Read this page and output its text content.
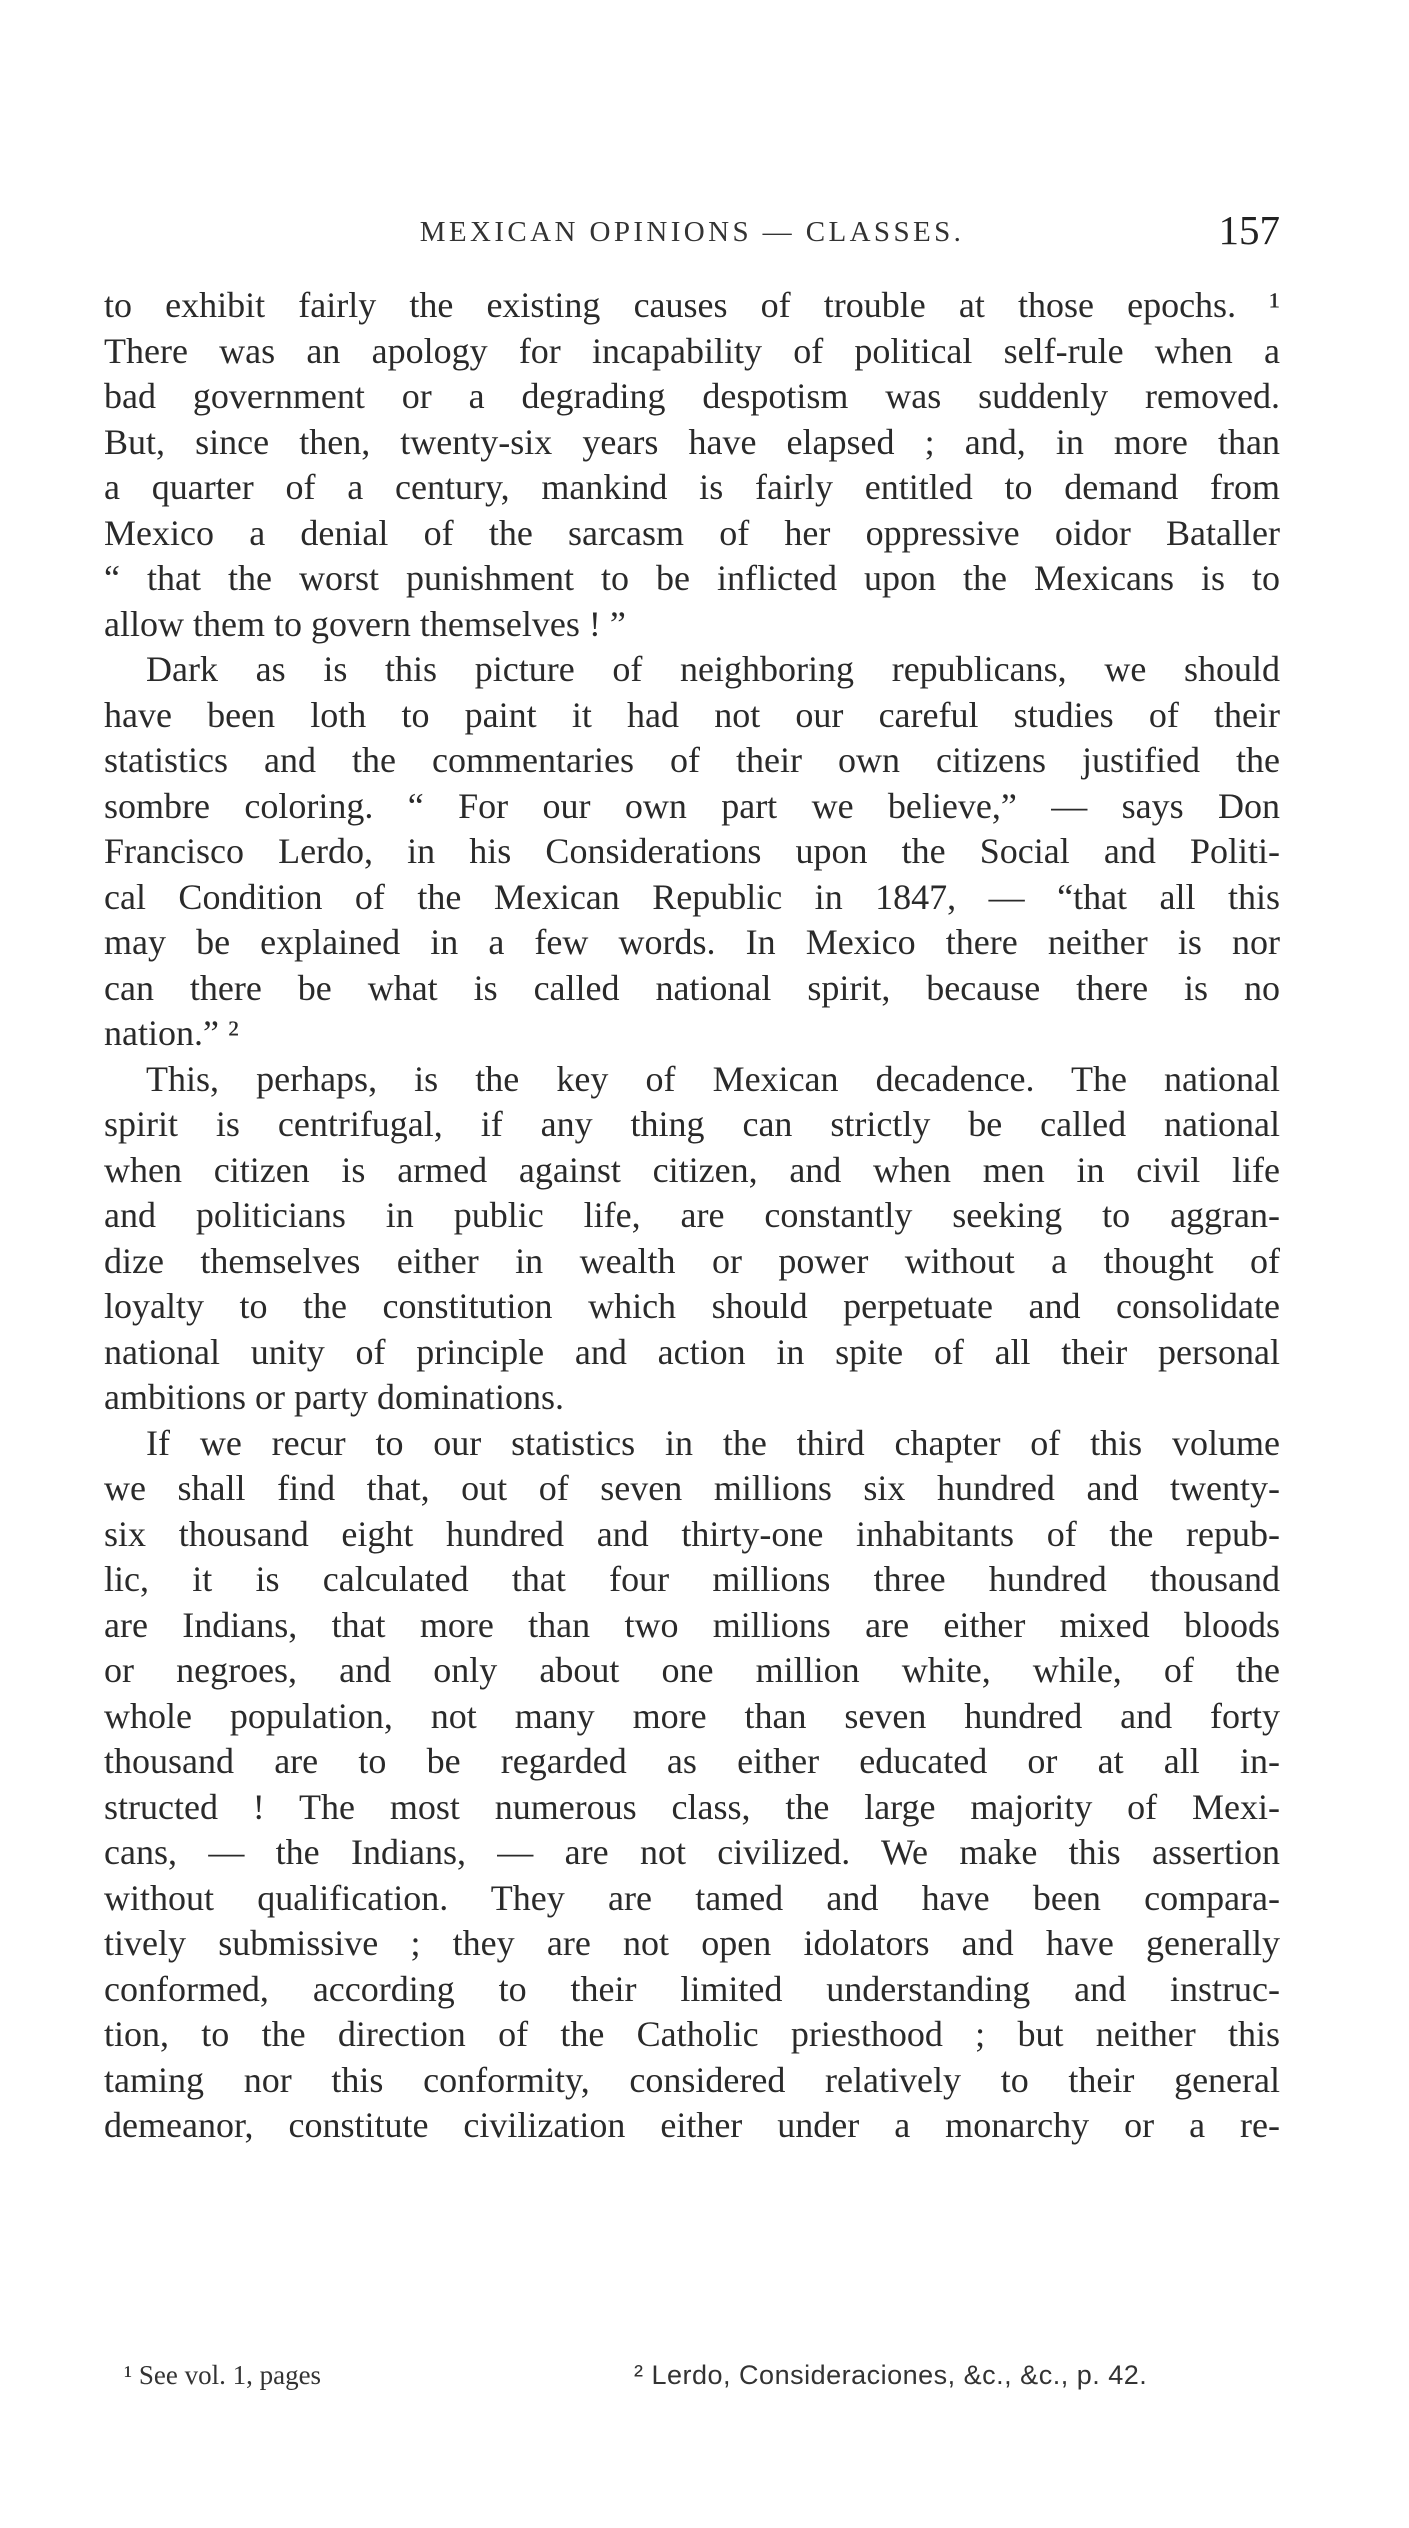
MEXICAN OPINIONS — CLASSES.	157
to exhibit fairly the existing causes of trouble at those epochs. ¹
There was an apology for incapability of political self-rule when a
bad government or a degrading despotism was suddenly removed.
But, since then, twenty-six years have elapsed ; and, in more than
a quarter of a century, mankind is fairly entitled to demand from
Mexico a denial of the sarcasm of her oppressive oidor Bataller
“ that the worst punishment to be inflicted upon the Mexicans is to
allow them to govern themselves ! ”
Dark as is this picture of neighboring republicans, we should
have been loth to paint it had not our careful studies of their
statistics and the commentaries of their own citizens justified the
sombre coloring. “ For our own part we believe,” — says Don
Francisco Lerdo, in his Considerations upon the Social and Politi-
cal Condition of the Mexican Republic in 1847, — “that all this
may be explained in a few words. In Mexico there neither is nor
can there be what is called national spirit, because there is no
nation.” ²
This, perhaps, is the key of Mexican decadence. The national
spirit is centrifugal, if any thing can strictly be called national
when citizen is armed against citizen, and when men in civil life
and politicians in public life, are constantly seeking to aggran-
dize themselves either in wealth or power without a thought of
loyalty to the constitution which should perpetuate and consolidate
national unity of principle and action in spite of all their personal
ambitions or party dominations.
If we recur to our statistics in the third chapter of this volume
we shall find that, out of seven millions six hundred and twenty-
six thousand eight hundred and thirty-one inhabitants of the repub-
lic, it is calculated that four millions three hundred thousand
are Indians, that more than two millions are either mixed bloods
or negroes, and only about one million white, while, of the
whole population, not many more than seven hundred and forty
thousand are to be regarded as either educated or at all in-
structed ! The most numerous class, the large majority of Mexi-
cans, — the Indians, — are not civilized. We make this assertion
without qualification. They are tamed and have been compara-
tively submissive ; they are not open idolators and have generally
conformed, according to their limited understanding and instruc-
tion, to the direction of the Catholic priesthood ; but neither this
taming nor this conformity, considered relatively to their general
demeanor, constitute civilization either under a monarchy or a re-
¹ See vol. 1, pages	² Lerdo, Consideraciones, &c., &c., p. 42.
